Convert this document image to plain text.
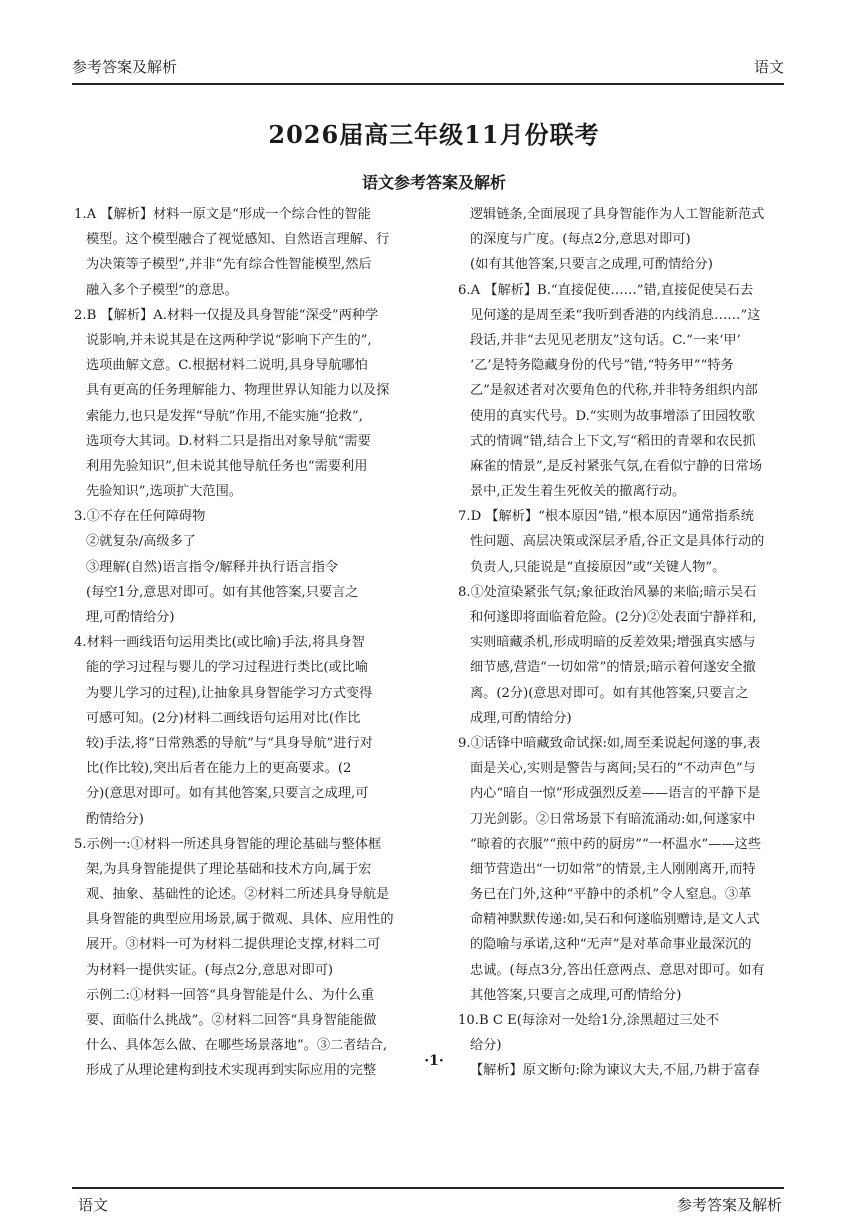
参考答案及解析	语文
2026届高三年级11月份联考
语文参考答案及解析
1.A 【解析】材料一原文是“形成一个综合性的智能
模型。这个模型融合了视觉感知、自然语言理解、行
为决策等子模型”,并非“先有综合性智能模型,然后
融入多个子模型”的意思。
2.B 【解析】A.材料一仅提及具身智能“深受”两种学
说影响,并未说其是在这两种学说“影响下产生的”,
选项曲解文意。C.根据材料二说明,具身导航哪怕
具有更高的任务理解能力、物理世界认知能力以及探
索能力,也只是发挥“导航”作用,不能实施“抢救”,
选项夸大其词。D.材料二只是指出对象导航“需要
利用先验知识”,但未说其他导航任务也“需要利用
先验知识”,选项扩大范围。
3.①不存在任何障碍物
②就复杂/高级多了
③理解(自然)语言指令/解释并执行语言指令
(每空1分,意思对即可。如有其他答案,只要言之
理,可酌情给分)
4.材料一画线语句运用类比(或比喻)手法,将具身智
能的学习过程与婴儿的学习过程进行类比(或比喻
为婴儿学习的过程),让抽象具身智能学习方式变得
可感可知。(2分)材料二画线语句运用对比(作比
较)手法,将“日常熟悉的导航”与“具身导航”进行对
比(作比较),突出后者在能力上的更高要求。(2
分)(意思对即可。如有其他答案,只要言之成理,可
酌情给分)
5.示例一:①材料一所述具身智能的理论基础与整体框
架,为具身智能提供了理论基础和技术方向,属于宏
观、抽象、基础性的论述。②材料二所述具身导航是
具身智能的典型应用场景,属于微观、具体、应用性的
展开。③材料一可为材料二提供理论支撑,材料二可
为材料一提供实证。(每点2分,意思对即可)
示例二:①材料一回答“具身智能是什么、为什么重
要、面临什么挑战”。②材料二回答“具身智能能做
什么、具体怎么做、在哪些场景落地”。③二者结合,
形成了从理论建构到技术实现再到实际应用的完整
逻辑链条,全面展现了具身智能作为人工智能新范式
的深度与广度。(每点2分,意思对即可)
(如有其他答案,只要言之成理,可酌情给分)
6.A 【解析】B.“直接促使……”错,直接促使吴石去
见何遂的是周至柔“我听到香港的内线消息……”这
段话,并非“去见见老朋友”这句话。C.“一来‘甲’
‘乙’是特务隐藏身份的代号”错,“特务甲”“特务
乙”是叙述者对次要角色的代称,并非特务组织内部
使用的真实代号。D.“实则为故事增添了田园牧歌
式的情调”错,结合上下文,写“稻田的青翠和农民抓
麻雀的情景”,是反衬紧张气氛,在看似宁静的日常场
景中,正发生着生死攸关的撤离行动。
7.D 【解析】“根本原因”错,“根本原因”通常指系统
性问题、高层决策或深层矛盾,谷正文是具体行动的
负责人,只能说是“直接原因”或“关键人物”。
8.①处渲染紧张气氛;象征政治风暴的来临;暗示吴石
和何遂即将面临着危险。(2分)②处表面宁静祥和,
实则暗藏杀机,形成明暗的反差效果;增强真实感与
细节感,营造“一切如常”的情景;暗示着何遂安全撤
离。(2分)(意思对即可。如有其他答案,只要言之
成理,可酌情给分)
9.①话锋中暗藏致命试探:如,周至柔说起何遂的事,表
面是关心,实则是警告与离间;吴石的“不动声色”与
内心“暗自一惊”形成强烈反差——语言的平静下是
刀光剑影。②日常场景下有暗流涌动:如,何遂家中
“晾着的衣服”“煎中药的厨房”“一杯温水”——这些
细节营造出“一切如常”的情景,主人刚刚离开,而特
务已在门外,这种“平静中的杀机”令人窒息。③革
命精神默默传递:如,吴石和何遂临别赠诗,是文人式
的隐喻与承诺,这种“无声”是对革命事业最深沉的
忠诚。(每点3分,答出任意两点、意思对即可。如有
其他答案,只要言之成理,可酌情给分)
10.B C E(每涂对一处给1分,涂黑超过三处不
给分)
【解析】原文断句:除为谏议大夫,不屈,乃耕于富春
·1·
语文	参考答案及解析
